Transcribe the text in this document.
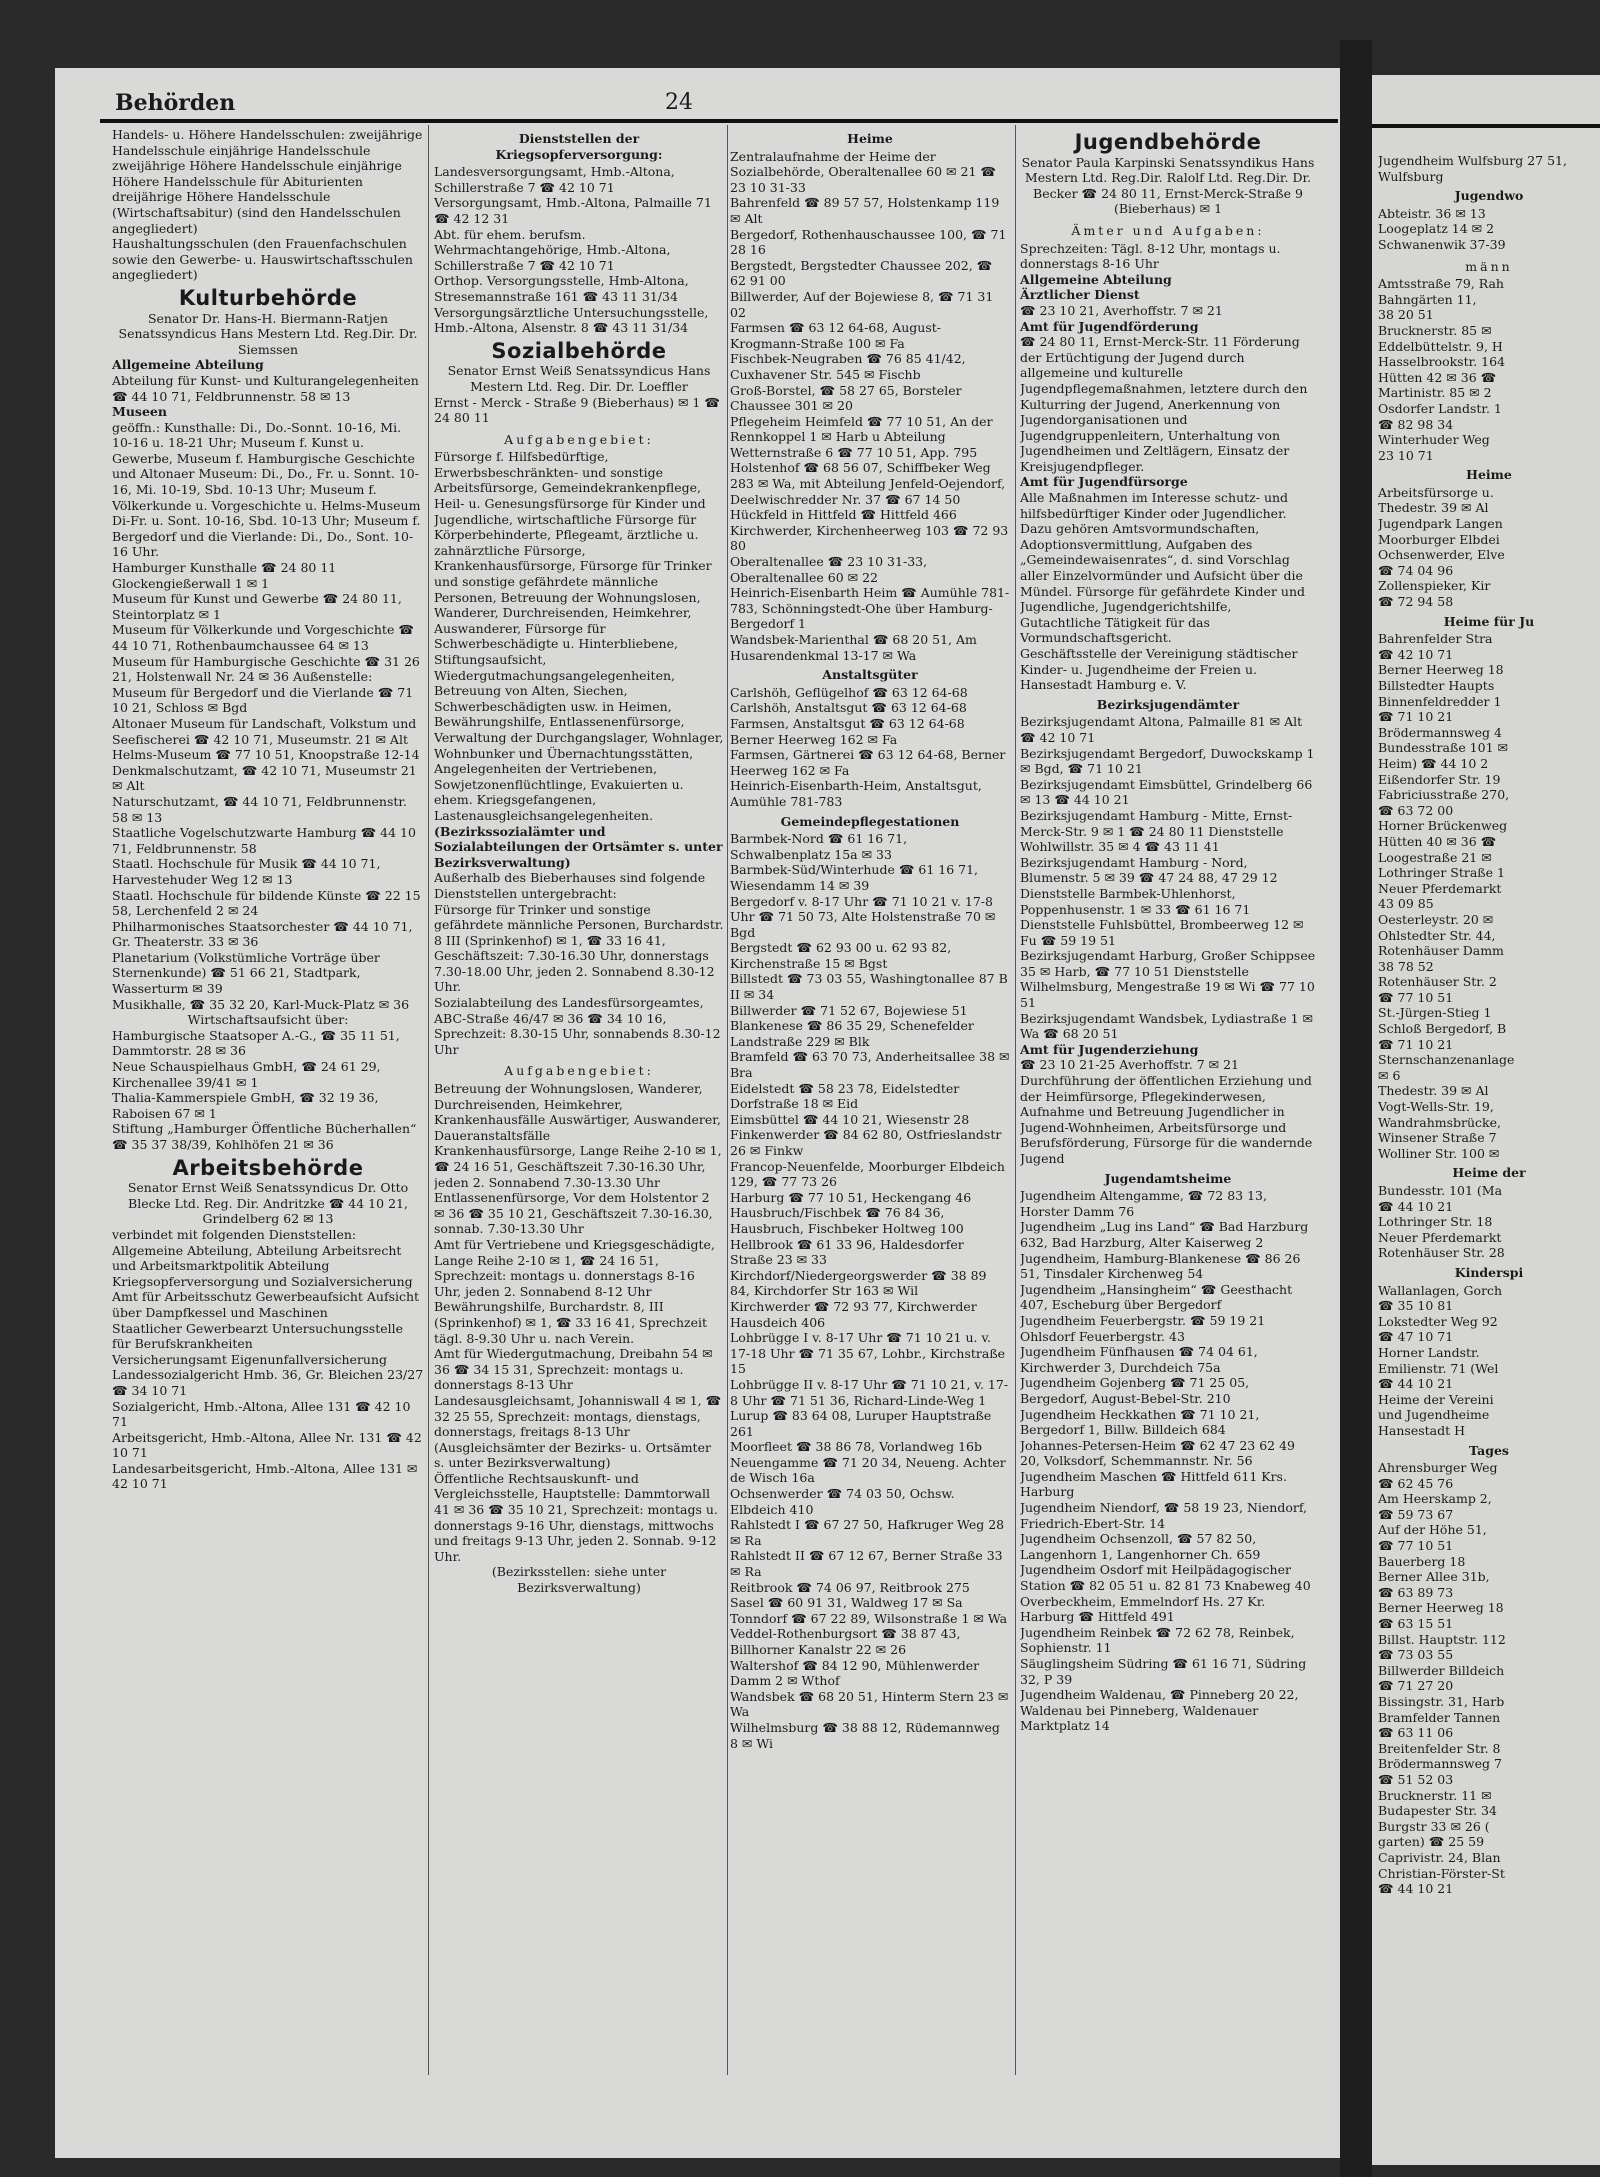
Jugendheim Wulfsburg 27 51, Wulfsburg

Jugendwo

Abteistr. 36 ✉ 13

Loogeplatz 14 ✉ 2

Schwanenwik 37-39

männ

Amtsstraße 79, Rah

Bahngärten 11,

38 20 51

Brucknerstr. 85 ✉

Eddelbüttelstr. 9, H

Hasselbrookstr. 164

Hütten 42 ✉ 36 ☎

Martinistr. 85 ✉ 2

Osdorfer Landstr. 1

☎ 82 98 34

Winterhuder Weg

23 10 71

Heime

Arbeitsfürsorge u.

Thedestr. 39 ✉ Al

Jugendpark Langen

Moorburger Elbdei

Ochsenwerder, Elve

☎ 74 04 96

Zollenspieker, Kir

☎ 72 94 58

Heime für Ju

Bahrenfelder Stra

☎ 42 10 71

Berner Heerweg 18

Billstedter Haupts

Binnenfeldredder 1

☎ 71 10 21

Brödermannsweg 4

Bundesstraße 101 ✉

Heim) ☎ 44 10 2

Eißendorfer Str. 19

Fabriciusstraße 270,

☎ 63 72 00

Horner Brückenweg

Hütten 40 ✉ 36 ☎

Loogestraße 21 ✉

Lothringer Straße 1

Neuer Pferdemarkt

43 09 85

Oesterleystr. 20 ✉

Ohlstedter Str. 44,

Rotenhäuser Damm

38 78 52

Rotenhäuser Str. 2

☎ 77 10 51

St.-Jürgen-Stieg 1

Schloß Bergedorf, B

☎ 71 10 21

Sternschanzenanlage

✉ 6

Thedestr. 39 ✉ Al

Vogt-Wells-Str. 19,

Wandrahmsbrücke,

Winsener Straße 7

Wolliner Str. 100 ✉

Heime der

Bundesstr. 101 (Ma

☎ 44 10 21

Lothringer Str. 18

Neuer Pferdemarkt

Rotenhäuser Str. 28

Kinderspi

Wallanlagen, Gorch

☎ 35 10 81

Lokstedter Weg 92

☎ 47 10 71

Horner Landstr.

Emilienstr. 71 (Wel

☎ 44 10 21

Heime der Vereini

und Jugendheime

Hansestadt H

Tages

Ahrensburger Weg

☎ 62 45 76

Am Heerskamp 2,

☎ 59 73 67

Auf der Höhe 51,

☎ 77 10 51

Bauerberg 18

Berner Allee 31b,

☎ 63 89 73

Berner Heerweg 18

☎ 63 15 51

Billst. Hauptstr. 112

☎ 73 03 55

Billwerder Billdeich

☎ 71 27 20

Bissingstr. 31, Harb

Bramfelder Tannen

☎ 63 11 06

Breitenfelder Str. 8

Brödermannsweg 7

☎ 51 52 03

Brucknerstr. 11 ✉

Budapester Str. 34

Burgstr 33 ✉ 26 (

garten) ☎ 25 59

Caprivistr. 24, Blan

Christian-Förster-St

☎ 44 10 21

Behörden	24

Handels- u. Höhere Handelsschulen: zweijährige Handelsschule einjährige Handelsschule zweijährige Höhere Handelsschule einjährige Höhere Handelsschule für Abiturienten dreijährige Höhere Handelsschule (Wirtschaftsabitur) (sind den Handelsschulen angegliedert)

Haushaltungsschulen (den Frauenfachschulen sowie den Gewerbe- u. Hauswirtschaftsschulen angegliedert)

Kulturbehörde

Senator Dr. Hans-H. Biermann-Ratjen Senatssyndicus Hans Mestern Ltd. Reg.Dir. Dr. Siemssen

Allgemeine Abteilung

Abteilung für Kunst- und Kulturangelegenheiten ☎ 44 10 71, Feldbrunnenstr. 58 ✉ 13

Museen

geöffn.: Kunsthalle: Di., Do.-Sonnt. 10-16, Mi. 10-16 u. 18-21 Uhr; Museum f. Kunst u. Gewerbe, Museum f. Hamburgische Geschichte und Altonaer Museum: Di., Do., Fr. u. Sonnt. 10-16, Mi. 10-19, Sbd. 10-13 Uhr; Museum f. Völkerkunde u. Vorgeschichte u. Helms-Museum Di-Fr. u. Sont. 10-16, Sbd. 10-13 Uhr; Museum f. Bergedorf und die Vierlande: Di., Do., Sont. 10-16 Uhr.

Hamburger Kunsthalle ☎ 24 80 11 Glockengießerwall 1 ✉ 1

Museum für Kunst und Gewerbe ☎ 24 80 11, Steintorplatz ✉ 1

Museum für Völkerkunde und Vorgeschichte ☎ 44 10 71, Rothenbaumchaussee 64 ✉ 13

Museum für Hamburgische Geschichte ☎ 31 26 21, Holstenwall Nr. 24 ✉ 36 Außenstelle: Museum für Bergedorf und die Vierlande ☎ 71 10 21, Schloss ✉ Bgd

Altonaer Museum für Landschaft, Volkstum und Seefischerei ☎ 42 10 71, Museumstr. 21 ✉ Alt

Helms-Museum ☎ 77 10 51, Knoopstraße 12-14

Denkmalschutzamt, ☎ 42 10 71, Museumstr 21 ✉ Alt

Naturschutzamt, ☎ 44 10 71, Feldbrunnenstr. 58 ✉ 13

Staatliche Vogelschutzwarte Hamburg ☎ 44 10 71, Feldbrunnenstr. 58

Staatl. Hochschule für Musik ☎ 44 10 71, Harvestehuder Weg 12 ✉ 13

Staatl. Hochschule für bildende Künste ☎ 22 15 58, Lerchenfeld 2 ✉ 24

Philharmonisches Staatsorchester ☎ 44 10 71, Gr. Theaterstr. 33 ✉ 36

Planetarium (Volkstümliche Vorträge über Sternenkunde) ☎ 51 66 21, Stadtpark, Wasserturm ✉ 39

Musikhalle, ☎ 35 32 20, Karl-Muck-Platz ✉ 36

Wirtschaftsaufsicht über:

Hamburgische Staatsoper A.-G., ☎ 35 11 51, Dammtorstr. 28 ✉ 36

Neue Schauspielhaus GmbH, ☎ 24 61 29, Kirchenallee 39/41 ✉ 1

Thalia-Kammerspiele GmbH, ☎ 32 19 36, Raboisen 67 ✉ 1

Stiftung „Hamburger Öffentliche Bücherhallen“ ☎ 35 37 38/39, Kohlhöfen 21 ✉ 36

Arbeitsbehörde

Senator Ernst Weiß Senatssyndicus Dr. Otto Blecke Ltd. Reg. Dir. Andritzke ☎ 44 10 21, Grindelberg 62 ✉ 13

verbindet mit folgenden Dienststellen:

Allgemeine Abteilung, Abteilung Arbeitsrecht und Arbeitsmarktpolitik Abteilung Kriegsopferversorgung und Sozialversicherung

Amt für Arbeitsschutz Gewerbeaufsicht Aufsicht über Dampfkessel und Maschinen

Staatlicher Gewerbearzt Untersuchungsstelle für Berufskrankheiten

Versicherungsamt Eigenunfallversicherung

Landessozialgericht Hmb. 36, Gr. Bleichen 23/27 ☎ 34 10 71

Sozialgericht, Hmb.-Altona, Allee 131 ☎ 42 10 71

Arbeitsgericht, Hmb.-Altona, Allee Nr. 131 ☎ 42 10 71

Landesarbeitsgericht, Hmb.-Altona, Allee 131 ✉ 42 10 71

Dienststellen der Kriegsopferversorgung:

Landesversorgungsamt, Hmb.-Altona, Schillerstraße 7 ☎ 42 10 71

Versorgungsamt, Hmb.-Altona, Palmaille 71 ☎ 42 12 31

Abt. für ehem. berufsm. Wehrmachtangehörige, Hmb.-Altona, Schillerstraße 7 ☎ 42 10 71

Orthop. Versorgungsstelle, Hmb-Altona, Stresemannstraße 161 ☎ 43 11 31/34

Versorgungsärztliche Untersuchungsstelle, Hmb.-Altona, Alsenstr. 8 ☎ 43 11 31/34

Sozialbehörde

Senator Ernst Weiß Senatssyndicus Hans Mestern Ltd. Reg. Dir. Dr. Loeffler

Ernst - Merck - Straße 9 (Bieberhaus) ✉ 1 ☎ 24 80 11

Aufgabengebiet:

Fürsorge f. Hilfsbedürftige, Erwerbsbeschränkten- und sonstige Arbeitsfürsorge, Gemeindekrankenpflege, Heil- u. Genesungsfürsorge für Kinder und Jugendliche, wirtschaftliche Fürsorge für Körperbehinderte, Pflegeamt, ärztliche u. zahnärztliche Fürsorge, Krankenhausfürsorge, Fürsorge für Trinker und sonstige gefährdete männliche Personen, Betreuung der Wohnungslosen, Wanderer, Durchreisenden, Heimkehrer, Auswanderer, Fürsorge für Schwerbeschädigte u. Hinterbliebene, Stiftungsaufsicht, Wiedergutmachungsangelegenheiten, Betreuung von Alten, Siechen, Schwerbeschädigten usw. in Heimen, Bewährungshilfe, Entlassenenfürsorge, Verwaltung der Durchgangslager, Wohnlager, Wohnbunker und Übernachtungsstätten, Angelegenheiten der Vertriebenen, Sowjetzonenflüchtlinge, Evakuierten u. ehem. Kriegsgefangenen, Lastenausgleichsangelegenheiten.

(Bezirkssozialämter und Sozialabteilungen der Ortsämter s. unter Bezirksverwaltung)

Außerhalb des Bieberhauses sind folgende Dienststellen untergebracht:

Fürsorge für Trinker und sonstige gefährdete männliche Personen, Burchardstr. 8 III (Sprinkenhof) ✉ 1, ☎ 33 16 41, Geschäftszeit: 7.30-16.30 Uhr, donnerstags 7.30-18.00 Uhr, jeden 2. Sonnabend 8.30-12 Uhr.

Sozialabteilung des Landesfürsorgeamtes, ABC-Straße 46/47 ✉ 36 ☎ 34 10 16, Sprechzeit: 8.30-15 Uhr, sonnabends 8.30-12 Uhr

Aufgabengebiet:

Betreuung der Wohnungslosen, Wanderer, Durchreisenden, Heimkehrer, Krankenhausfälle Auswärtiger, Auswanderer, Daueranstaltsfälle

Krankenhausfürsorge, Lange Reihe 2-10 ✉ 1, ☎ 24 16 51, Geschäftszeit 7.30-16.30 Uhr, jeden 2. Sonnabend 7.30-13.30 Uhr

Entlassenenfürsorge, Vor dem Holstentor 2 ✉ 36 ☎ 35 10 21, Geschäftszeit 7.30-16.30, sonnab. 7.30-13.30 Uhr

Amt für Vertriebene und Kriegsgeschädigte, Lange Reihe 2-10 ✉ 1, ☎ 24 16 51, Sprechzeit: montags u. donnerstags 8-16 Uhr, jeden 2. Sonnabend 8-12 Uhr

Bewährungshilfe, Burchardstr. 8, III (Sprinkenhof) ✉ 1, ☎ 33 16 41, Sprechzeit tägl. 8-9.30 Uhr u. nach Verein.

Amt für Wiedergutmachung, Dreibahn 54 ✉ 36 ☎ 34 15 31, Sprechzeit: montags u. donnerstags 8-13 Uhr

Landesausgleichsamt, Johanniswall 4 ✉ 1, ☎ 32 25 55, Sprechzeit: montags, dienstags, donnerstags, freitags 8-13 Uhr

(Ausgleichsämter der Bezirks- u. Ortsämter s. unter Bezirksverwaltung)

Öffentliche Rechtsauskunft- und Vergleichsstelle, Hauptstelle: Dammtorwall 41 ✉ 36 ☎ 35 10 21, Sprechzeit: montags u. donnerstags 9-16 Uhr, dienstags, mittwochs und freitags 9-13 Uhr, jeden 2. Sonnab. 9-12 Uhr.

(Bezirksstellen: siehe unter Bezirksverwaltung)

Heime

Zentralaufnahme der Heime der Sozialbehörde, Oberaltenallee 60 ✉ 21 ☎ 23 10 31-33

Bahrenfeld ☎ 89 57 57, Holstenkamp 119 ✉ Alt

Bergedorf, Rothenhauschaussee 100, ☎ 71 28 16

Bergstedt, Bergstedter Chaussee 202, ☎ 62 91 00

Billwerder, Auf der Bojewiese 8, ☎ 71 31 02

Farmsen ☎ 63 12 64-68, August-Krogmann-Straße 100 ✉ Fa

Fischbek-Neugraben ☎ 76 85 41/42, Cuxhavener Str. 545 ✉ Fischb

Groß-Borstel, ☎ 58 27 65, Borsteler Chaussee 301 ✉ 20

Pflegeheim Heimfeld ☎ 77 10 51, An der Rennkoppel 1 ✉ Harb u Abteilung Wetternstraße 6 ☎ 77 10 51, App. 795

Holstenhof ☎ 68 56 07, Schiffbeker Weg 283 ✉ Wa, mit Abteilung Jenfeld-Oejendorf, Deelwischredder Nr. 37 ☎ 67 14 50

Hückfeld in Hittfeld ☎ Hittfeld 466 Kirchwerder, Kirchenheerweg 103 ☎ 72 93 80

Oberaltenallee ☎ 23 10 31-33, Oberaltenallee 60 ✉ 22

Heinrich-Eisenbarth Heim ☎ Aumühle 781-783, Schönningstedt-Ohe über Hamburg-Bergedorf 1

Wandsbek-Marienthal ☎ 68 20 51, Am Husarendenkmal 13-17 ✉ Wa

Anstaltsgüter

Carlshöh, Geflügelhof ☎ 63 12 64-68

Carlshöh, Anstaltsgut ☎ 63 12 64-68

Farmsen, Anstaltsgut ☎ 63 12 64-68

Berner Heerweg 162 ✉ Fa

Farmsen, Gärtnerei ☎ 63 12 64-68, Berner Heerweg 162 ✉ Fa

Heinrich-Eisenbarth-Heim, Anstaltsgut, Aumühle 781-783

Gemeindepflegestationen

Barmbek-Nord ☎ 61 16 71, Schwalbenplatz 15a ✉ 33

Barmbek-Süd/Winterhude ☎ 61 16 71, Wiesendamm 14 ✉ 39

Bergedorf v. 8-17 Uhr ☎ 71 10 21 v. 17-8 Uhr ☎ 71 50 73, Alte Holstenstraße 70 ✉ Bgd

Bergstedt ☎ 62 93 00 u. 62 93 82, Kirchenstraße 15 ✉ Bgst

Billstedt ☎ 73 03 55, Washingtonallee 87 B II ✉ 34

Billwerder ☎ 71 52 67, Bojewiese 51

Blankenese ☎ 86 35 29, Schenefelder Landstraße 229 ✉ Blk

Bramfeld ☎ 63 70 73, Anderheitsallee 38 ✉ Bra

Eidelstedt ☎ 58 23 78, Eidelstedter Dorfstraße 18 ✉ Eid

Eimsbüttel ☎ 44 10 21, Wiesenstr 28

Finkenwerder ☎ 84 62 80, Ostfrieslandstr 26 ✉ Finkw

Francop-Neuenfelde, Moorburger Elbdeich 129, ☎ 77 73 26

Harburg ☎ 77 10 51, Heckengang 46

Hausbruch/Fischbek ☎ 76 84 36, Hausbruch, Fischbeker Holtweg 100

Hellbrook ☎ 61 33 96, Haldesdorfer Straße 23 ✉ 33

Kirchdorf/Niedergeorgswerder ☎ 38 89 84, Kirchdorfer Str 163 ✉ Wil

Kirchwerder ☎ 72 93 77, Kirchwerder Hausdeich 406

Lohbrügge I v. 8-17 Uhr ☎ 71 10 21 u. v. 17-18 Uhr ☎ 71 35 67, Lohbr., Kirchstraße 15

Lohbrügge II v. 8-17 Uhr ☎ 71 10 21, v. 17-8 Uhr ☎ 71 51 36, Richard-Linde-Weg 1

Lurup ☎ 83 64 08, Luruper Hauptstraße 261

Moorfleet ☎ 38 86 78, Vorlandweg 16b

Neuengamme ☎ 71 20 34, Neueng. Achter de Wisch 16a

Ochsenwerder ☎ 74 03 50, Ochsw. Elbdeich 410

Rahlstedt I ☎ 67 27 50, Hafkruger Weg 28 ✉ Ra

Rahlstedt II ☎ 67 12 67, Berner Straße 33 ✉ Ra

Reitbrook ☎ 74 06 97, Reitbrook 275

Sasel ☎ 60 91 31, Waldweg 17 ✉ Sa

Tonndorf ☎ 67 22 89, Wilsonstraße 1 ✉ Wa

Veddel-Rothenburgsort ☎ 38 87 43, Billhorner Kanalstr 22 ✉ 26

Waltershof ☎ 84 12 90, Mühlenwerder Damm 2 ✉ Wthof

Wandsbek ☎ 68 20 51, Hinterm Stern 23 ✉ Wa

Wilhelmsburg ☎ 38 88 12, Rüdemannweg 8 ✉ Wi

Jugendbehörde

Senator Paula Karpinski Senatssyndikus Hans Mestern Ltd. Reg.Dir. Ralolf Ltd. Reg.Dir. Dr. Becker ☎ 24 80 11, Ernst-Merck-Straße 9 (Bieberhaus) ✉ 1

Ämter und Aufgaben:

Sprechzeiten: Tägl. 8-12 Uhr, montags u. donnerstags 8-16 Uhr

Allgemeine Abteilung

Ärztlicher Dienst

☎ 23 10 21, Averhoffstr. 7 ✉ 21

Amt für Jugendförderung

☎ 24 80 11, Ernst-Merck-Str. 11 Förderung der Ertüchtigung der Jugend durch allgemeine und kulturelle Jugendpflegemaßnahmen, letztere durch den Kulturring der Jugend, Anerkennung von Jugendorganisationen und Jugendgruppenleitern, Unterhaltung von Jugendheimen und Zeltlägern, Einsatz der Kreisjugendpfleger.

Amt für Jugendfürsorge

Alle Maßnahmen im Interesse schutz- und hilfsbedürftiger Kinder oder Jugendlicher. Dazu gehören Amtsvormundschaften, Adoptionsvermittlung, Aufgaben des „Gemeindewaisenrates“, d. sind Vorschlag aller Einzelvormünder und Aufsicht über die Mündel. Fürsorge für gefährdete Kinder und Jugendliche, Jugendgerichtshilfe, Gutachtliche Tätigkeit für das Vormundschaftsgericht.

Geschäftsstelle der Vereinigung städtischer Kinder- u. Jugendheime der Freien u. Hansestadt Hamburg e. V.

Bezirksjugendämter

Bezirksjugendamt Altona, Palmaille 81 ✉ Alt ☎ 42 10 71

Bezirksjugendamt Bergedorf, Duwockskamp 1 ✉ Bgd, ☎ 71 10 21

Bezirksjugendamt Eimsbüttel, Grindelberg 66 ✉ 13 ☎ 44 10 21

Bezirksjugendamt Hamburg - Mitte, Ernst-Merck-Str. 9 ✉ 1 ☎ 24 80 11 Dienststelle Wohlwillstr. 35 ✉ 4 ☎ 43 11 41

Bezirksjugendamt Hamburg - Nord, Blumenstr. 5 ✉ 39 ☎ 47 24 88, 47 29 12 Dienststelle Barmbek-Uhlenhorst, Poppenhusenstr. 1 ✉ 33 ☎ 61 16 71 Dienststelle Fuhlsbüttel, Brombeerweg 12 ✉ Fu ☎ 59 19 51

Bezirksjugendamt Harburg, Großer Schippsee 35 ✉ Harb, ☎ 77 10 51 Dienststelle Wilhelmsburg, Mengestraße 19 ✉ Wi ☎ 77 10 51

Bezirksjugendamt Wandsbek, Lydiastraße 1 ✉ Wa ☎ 68 20 51

Amt für Jugenderziehung

☎ 23 10 21-25 Averhoffstr. 7 ✉ 21 Durchführung der öffentlichen Erziehung und der Heimfürsorge, Pflegekinderwesen, Aufnahme und Betreuung Jugendlicher in Jugend-Wohnheimen, Arbeitsfürsorge und Berufsförderung, Fürsorge für die wandernde Jugend

Jugendamtsheime

Jugendheim Altengamme, ☎ 72 83 13, Horster Damm 76

Jugendheim „Lug ins Land“ ☎ Bad Harzburg 632, Bad Harzburg, Alter Kaiserweg 2

Jugendheim, Hamburg-Blankenese ☎ 86 26 51, Tinsdaler Kirchenweg 54

Jugendheim „Hansingheim“ ☎ Geesthacht 407, Escheburg über Bergedorf

Jugendheim Feuerbergstr. ☎ 59 19 21 Ohlsdorf Feuerbergstr. 43

Jugendheim Fünfhausen ☎ 74 04 61, Kirchwerder 3, Durchdeich 75a

Jugendheim Gojenberg ☎ 71 25 05, Bergedorf, August-Bebel-Str. 210

Jugendheim Heckkathen ☎ 71 10 21, Bergedorf 1, Billw. Billdeich 684

Johannes-Petersen-Heim ☎ 62 47 23 62 49 20, Volksdorf, Schemmannstr. Nr. 56

Jugendheim Maschen ☎ Hittfeld 611 Krs. Harburg

Jugendheim Niendorf, ☎ 58 19 23, Niendorf, Friedrich-Ebert-Str. 14

Jugendheim Ochsenzoll, ☎ 57 82 50, Langenhorn 1, Langenhorner Ch. 659

Jugendheim Osdorf mit Heilpädagogischer Station ☎ 82 05 51 u. 82 81 73 Knabeweg 40

Overbeckheim, Emmelndorf Hs. 27 Kr. Harburg ☎ Hittfeld 491

Jugendheim Reinbek ☎ 72 62 78, Reinbek, Sophienstr. 11

Säuglingsheim Südring ☎ 61 16 71, Südring 32, P 39

Jugendheim Waldenau, ☎ Pinneberg 20 22, Waldenau bei Pinneberg, Waldenauer Marktplatz 14
